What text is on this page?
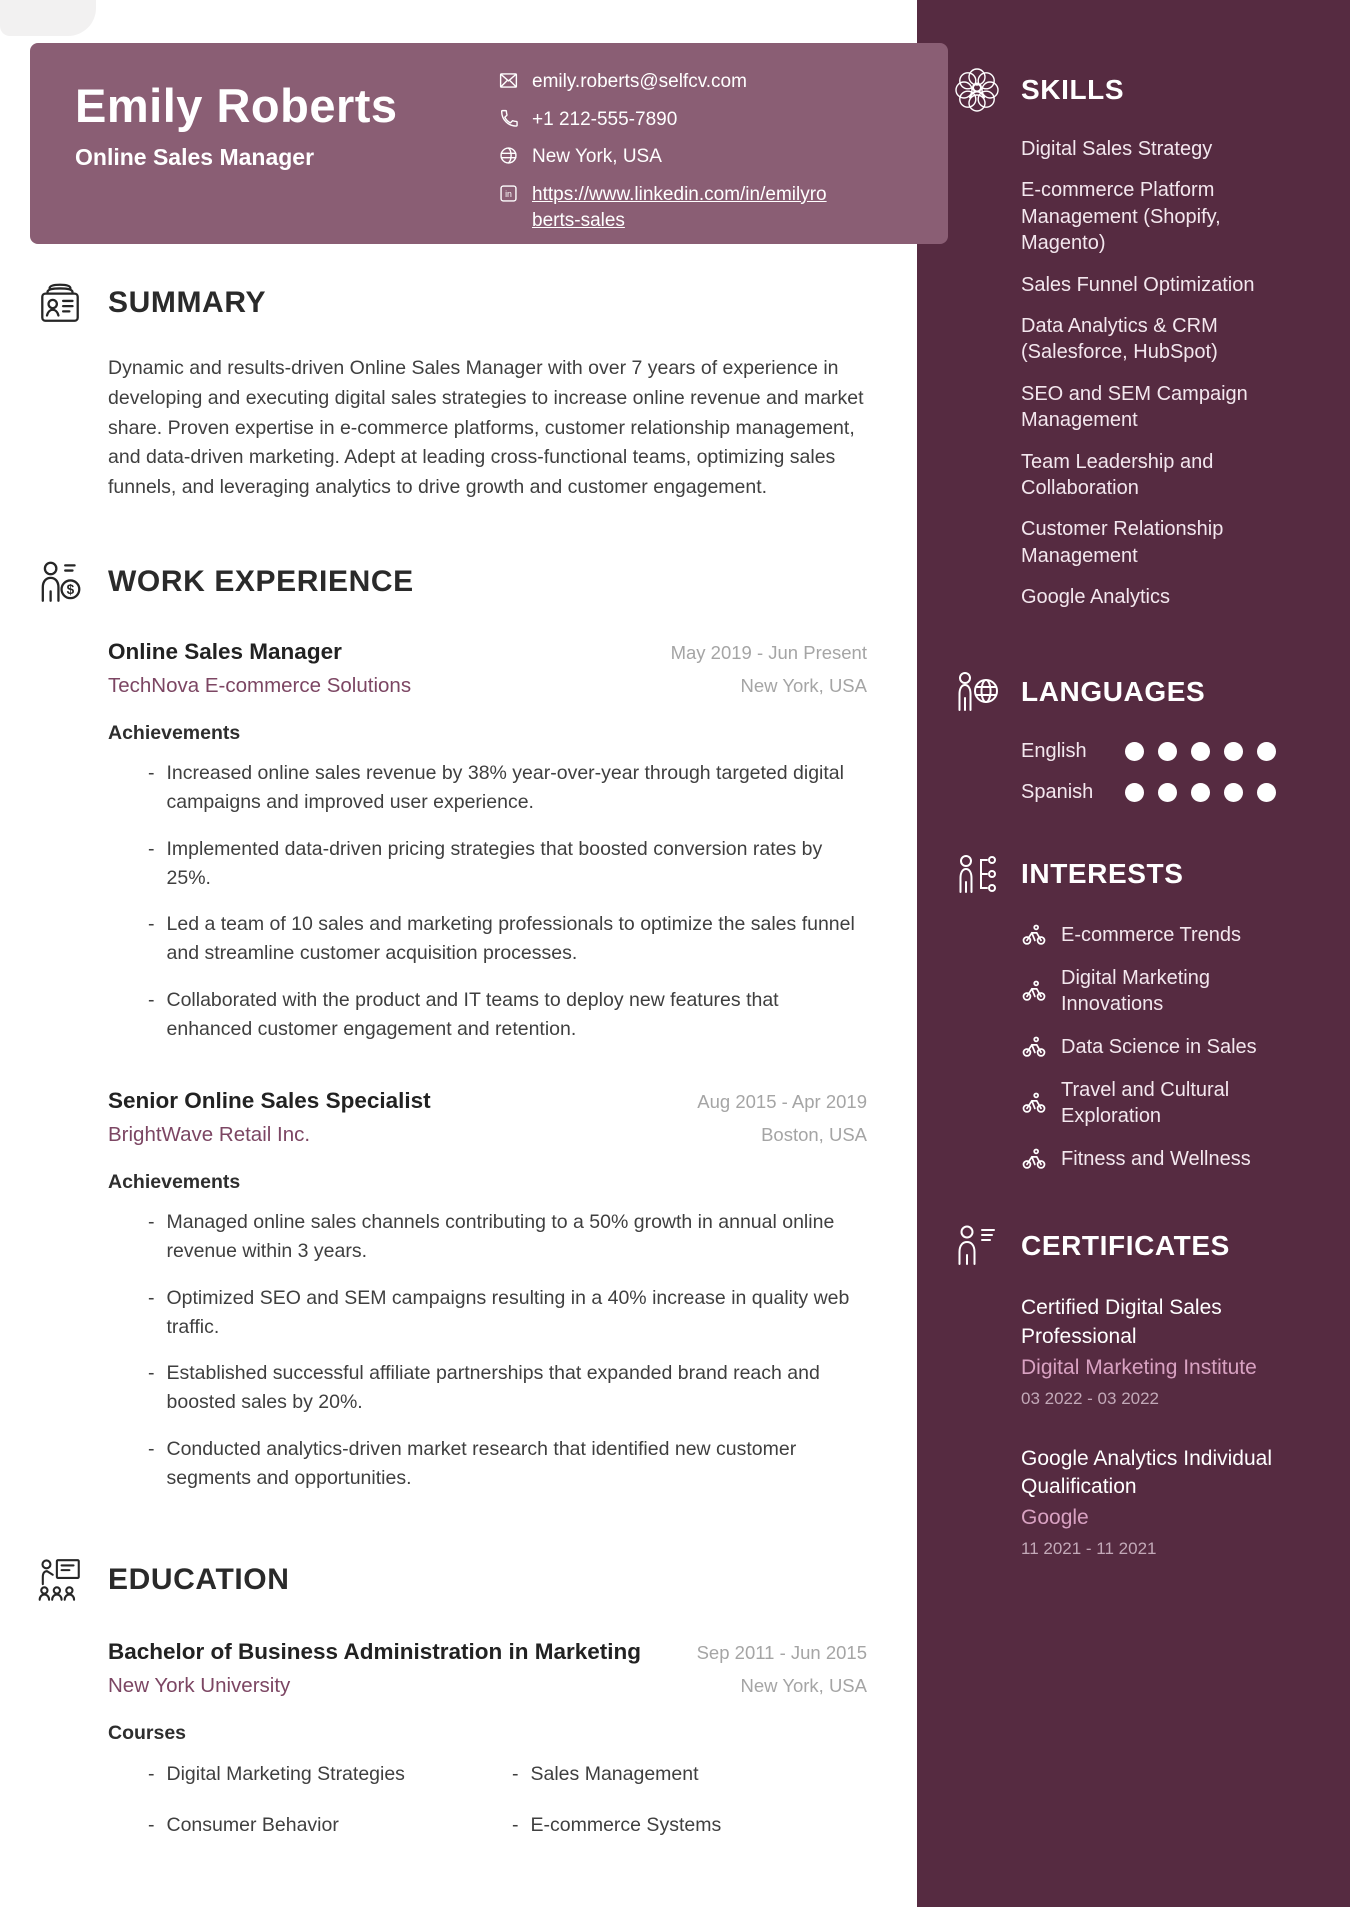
SKILLS
Digital Sales Strategy
E-commerce Platform Management (Shopify, Magento)
Sales Funnel Optimization
Data Analytics & CRM (Salesforce, HubSpot)
SEO and SEM Campaign Management
Team Leadership and Collaboration
Customer Relationship Management
Google Analytics
LANGUAGES
English
Spanish
INTERESTS
E-commerce Trends
Digital Marketing Innovations
Data Science in Sales
Travel and Cultural Exploration
Fitness and Wellness
CERTIFICATES
Certified Digital Sales Professional
Digital Marketing Institute
03 2022 - 03 2022
Google Analytics Individual Qualification
Google
11 2021 - 11 2021
Emily Roberts
Online Sales Manager
emily.roberts@selfcv.com
+1 212-555-7890
New York, USA
in https://www.linkedin.com/in/emilyroberts-sales
SUMMARY

Dynamic and results-driven Online Sales Manager with over 7 years of experience in developing and executing digital sales strategies to increase online revenue and market share. Proven expertise in e-commerce platforms, customer relationship management, and data-driven marketing. Adept at leading cross-functional teams, optimizing sales funnels, and leveraging analytics to drive growth and customer engagement.

$ WORK EXPERIENCE
Online Sales Manager	May 2019 - Jun Present
TechNova E-commerce Solutions	New York, USA
Achievements
- Increased online sales revenue by 38% year-over-year through targeted digital campaigns and improved user experience.
- Implemented data-driven pricing strategies that boosted conversion rates by 25%.
- Led a team of 10 sales and marketing professionals to optimize the sales funnel and streamline customer acquisition processes.
- Collaborated with the product and IT teams to deploy new features that enhanced customer engagement and retention.
Senior Online Sales Specialist	Aug 2015 - Apr 2019
BrightWave Retail Inc.	Boston, USA
Achievements
- Managed online sales channels contributing to a 50% growth in annual online revenue within 3 years.
- Optimized SEO and SEM campaigns resulting in a 40% increase in quality web traffic.
- Established successful affiliate partnerships that expanded brand reach and boosted sales by 20%.
- Conducted analytics-driven market research that identified new customer segments and opportunities.
EDUCATION
Bachelor of Business Administration in Marketing	Sep 2011 - Jun 2015
New York University	New York, USA
Courses
- Digital Marketing Strategies	- Sales Management
- Consumer Behavior	- E-commerce Systems
